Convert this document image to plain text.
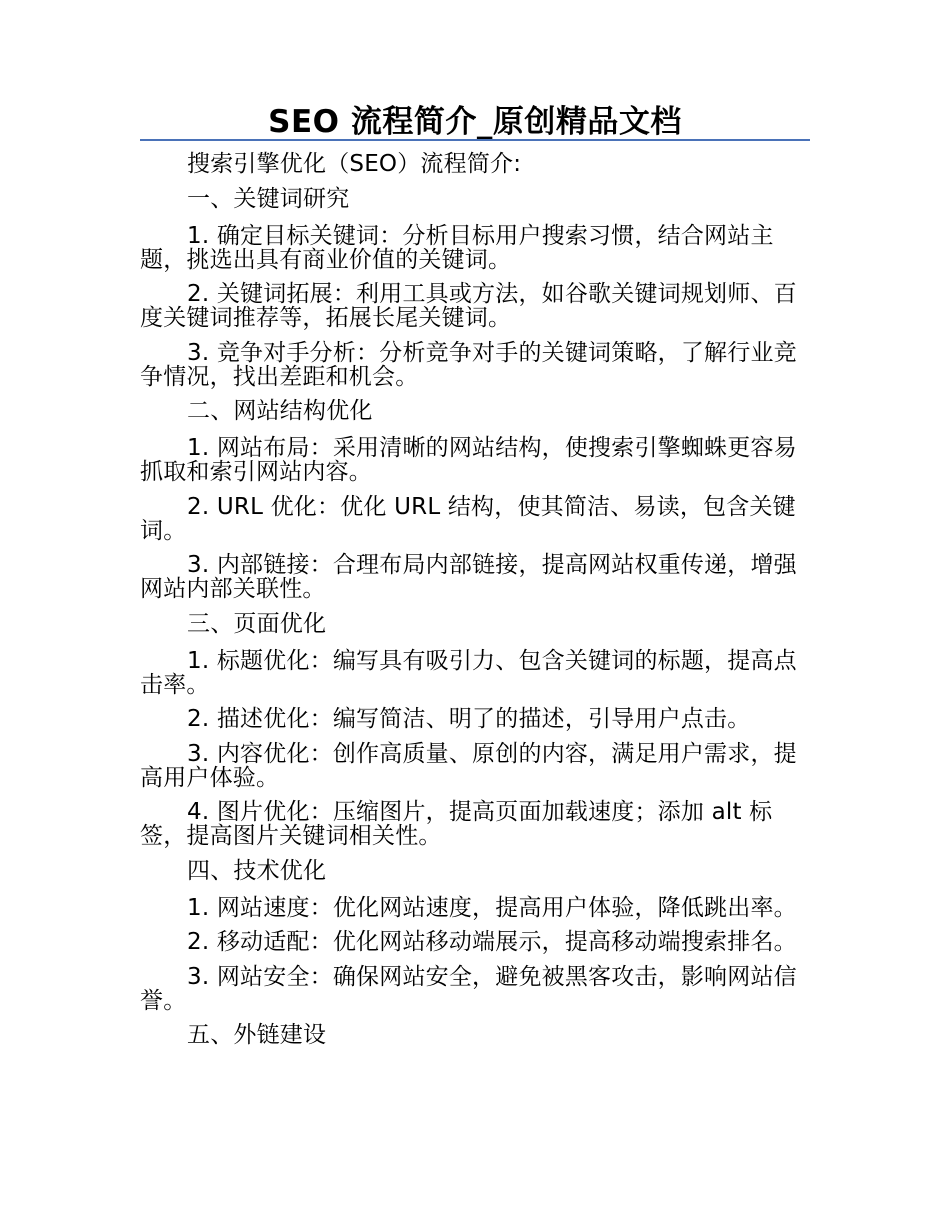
SEO 流程简介_原创精品文档

搜索引擎优化（SEO）流程简介:

一、关键词研究

1. 确定目标关键词：分析目标用户搜索习惯，结合网站主题，挑选出具有商业价值的关键词。

2. 关键词拓展：利用工具或方法，如谷歌关键词规划师、百度关键词推荐等，拓展长尾关键词。

3. 竞争对手分析：分析竞争对手的关键词策略，了解行业竞争情况，找出差距和机会。

二、网站结构优化

1. 网站布局：采用清晰的网站结构，使搜索引擎蜘蛛更容易抓取和索引网站内容。

2. URL 优化：优化 URL 结构，使其简洁、易读，包含关键词。

3. 内部链接：合理布局内部链接，提高网站权重传递，增强网站内部关联性。

三、页面优化

1. 标题优化：编写具有吸引力、包含关键词的标题，提高点击率。

2. 描述优化：编写简洁、明了的描述，引导用户点击。

3. 内容优化：创作高质量、原创的内容，满足用户需求，提高用户体验。

4. 图片优化：压缩图片，提高页面加载速度；添加 alt 标签，提高图片关键词相关性。

四、技术优化

1. 网站速度：优化网站速度，提高用户体验，降低跳出率。

2. 移动适配：优化网站移动端展示，提高移动端搜索排名。

3. 网站安全：确保网站安全，避免被黑客攻击，影响网站信誉。

五、外链建设
